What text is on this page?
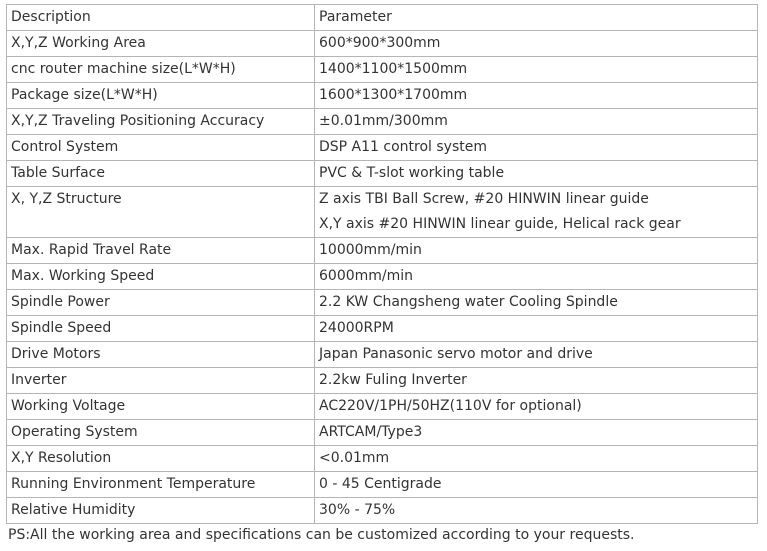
Description	Parameter
X,Y,Z Working Area	600*900*300mm

cnc router machine size(L*W*H)	1400*1100*1500mm

Package size(L*W*H)	1600*1300*1700mm

X,Y,Z Traveling Positioning Accuracy	±0.01mm/300mm

Control System	DSP A11 control system

Table Surface	PVC & T-slot working table

X, Y,Z Structure	Z axis TBI Ball Screw, #20 HINWIN linear guide
X,Y axis #20 HINWIN linear guide, Helical rack gear

Max. Rapid Travel Rate	10000mm/min

Max. Working Speed	6000mm/min

Spindle Power	2.2 KW Changsheng water Cooling Spindle

Spindle Speed	24000RPM

Drive Motors	Japan Panasonic servo motor and drive

Inverter	2.2kw Fuling Inverter

Working Voltage	AC220V/1PH/50HZ(110V for optional)

Operating System	ARTCAM/Type3

X,Y Resolution	<0.01mm

Running Environment Temperature	0 - 45 Centigrade

Relative Humidity	30% - 75%
PS:All the working area and specifications can be customized according to your requests.
